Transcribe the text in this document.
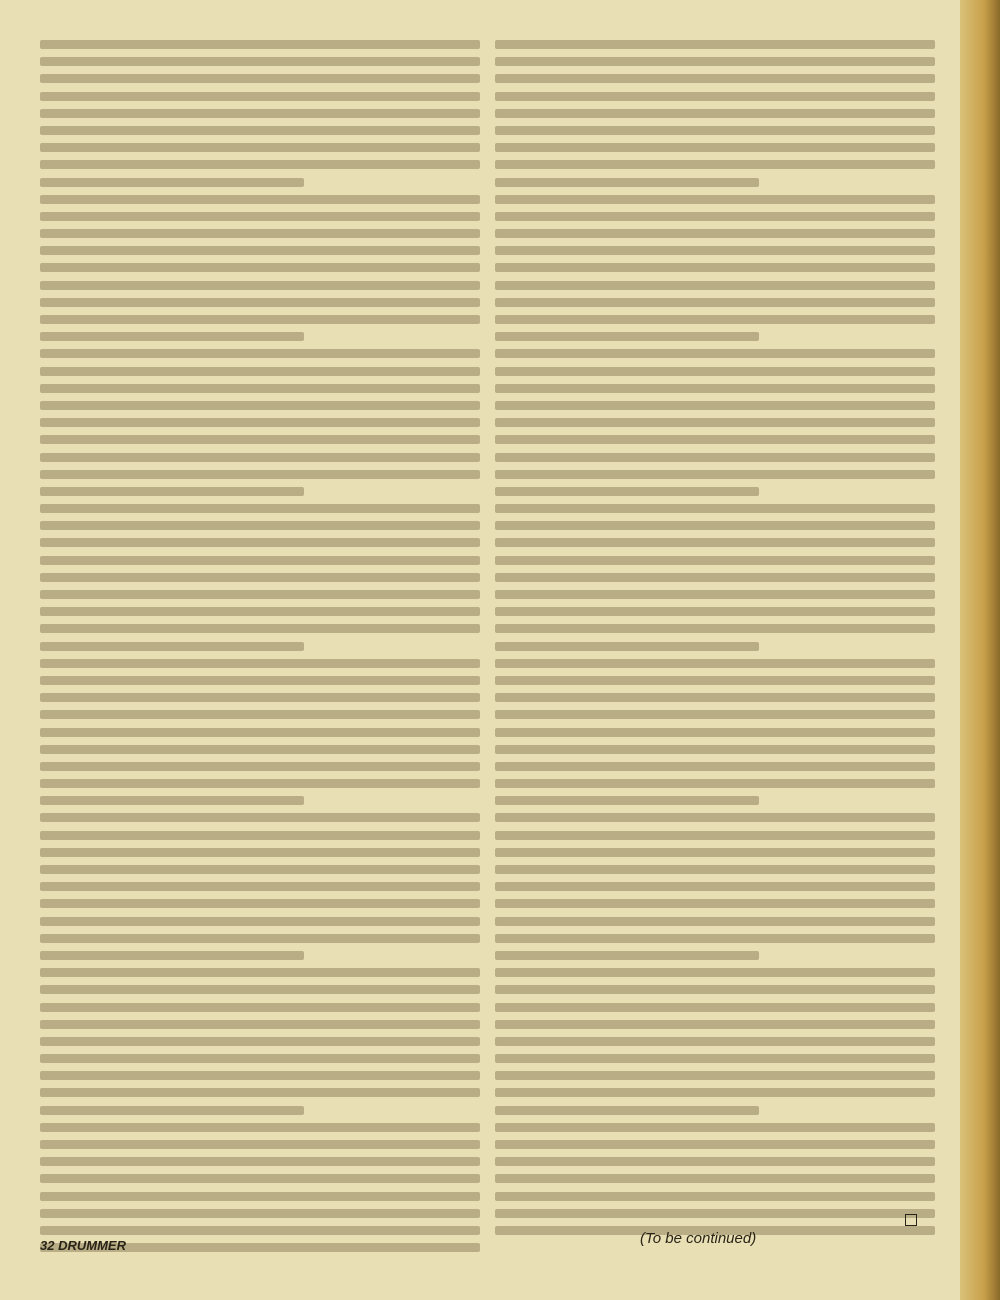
(To be continued)
32 DRUMMER
